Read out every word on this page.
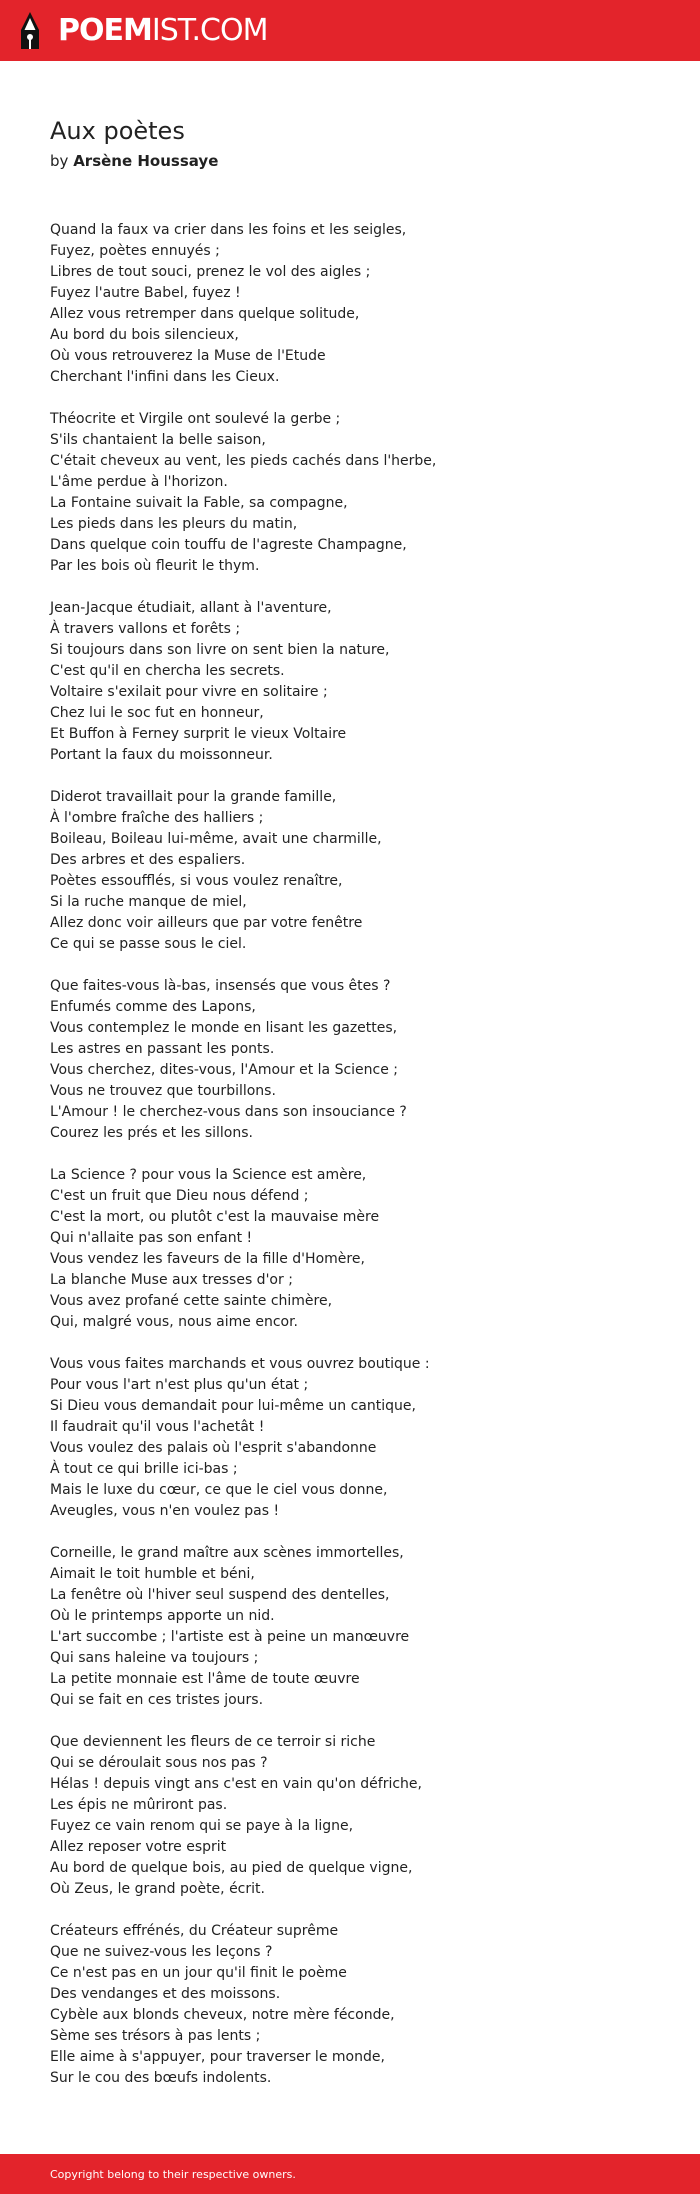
POEMIST.COM
Aux poètes

by Arsène Houssaye

Quand la faux va crier dans les foins et les seigles,
Fuyez, poètes ennuyés ;
Libres de tout souci, prenez le vol des aigles ;
Fuyez l'autre Babel, fuyez !
Allez vous retremper dans quelque solitude,
Au bord du bois silencieux,
Où vous retrouverez la Muse de l'Etude
Cherchant l'infini dans les Cieux.
Théocrite et Virgile ont soulevé la gerbe ;
S'ils chantaient la belle saison,
C'était cheveux au vent, les pieds cachés dans l'herbe,
L'âme perdue à l'horizon.
La Fontaine suivait la Fable, sa compagne,
Les pieds dans les pleurs du matin,
Dans quelque coin touffu de l'agreste Champagne,
Par les bois où fleurit le thym.
Jean-Jacque étudiait, allant à l'aventure,
À travers vallons et forêts ;
Si toujours dans son livre on sent bien la nature,
C'est qu'il en chercha les secrets.
Voltaire s'exilait pour vivre en solitaire ;
Chez lui le soc fut en honneur,
Et Buffon à Ferney surprit le vieux Voltaire
Portant la faux du moissonneur.
Diderot travaillait pour la grande famille,
À l'ombre fraîche des halliers ;
Boileau, Boileau lui-même, avait une charmille,
Des arbres et des espaliers.
Poètes essoufflés, si vous voulez renaître,
Si la ruche manque de miel,
Allez donc voir ailleurs que par votre fenêtre
Ce qui se passe sous le ciel.
Que faites-vous là-bas, insensés que vous êtes ?
Enfumés comme des Lapons,
Vous contemplez le monde en lisant les gazettes,
Les astres en passant les ponts.
Vous cherchez, dites-vous, l'Amour et la Science ;
Vous ne trouvez que tourbillons.
L'Amour ! le cherchez-vous dans son insouciance ?
Courez les prés et les sillons.
La Science ? pour vous la Science est amère,
C'est un fruit que Dieu nous défend ;
C'est la mort, ou plutôt c'est la mauvaise mère
Qui n'allaite pas son enfant !
Vous vendez les faveurs de la fille d'Homère,
La blanche Muse aux tresses d'or ;
Vous avez profané cette sainte chimère,
Qui, malgré vous, nous aime encor.
Vous vous faites marchands et vous ouvrez boutique :
Pour vous l'art n'est plus qu'un état ;
Si Dieu vous demandait pour lui-même un cantique,
Il faudrait qu'il vous l'achetât !
Vous voulez des palais où l'esprit s'abandonne
À tout ce qui brille ici-bas ;
Mais le luxe du cœur, ce que le ciel vous donne,
Aveugles, vous n'en voulez pas !
Corneille, le grand maître aux scènes immortelles,
Aimait le toit humble et béni,
La fenêtre où l'hiver seul suspend des dentelles,
Où le printemps apporte un nid.
L'art succombe ; l'artiste est à peine un manœuvre
Qui sans haleine va toujours ;
La petite monnaie est l'âme de toute œuvre
Qui se fait en ces tristes jours.
Que deviennent les fleurs de ce terroir si riche
Qui se déroulait sous nos pas ?
Hélas ! depuis vingt ans c'est en vain qu'on défriche,
Les épis ne mûriront pas.
Fuyez ce vain renom qui se paye à la ligne,
Allez reposer votre esprit
Au bord de quelque bois, au pied de quelque vigne,
Où Zeus, le grand poète, écrit.
Créateurs effrénés, du Créateur suprême
Que ne suivez-vous les leçons ?
Ce n'est pas en un jour qu'il finit le poème
Des vendanges et des moissons.
Cybèle aux blonds cheveux, notre mère féconde,
Sème ses trésors à pas lents ;
Elle aime à s'appuyer, pour traverser le monde,
Sur le cou des bœufs indolents.
Copyright belong to their respective owners.
